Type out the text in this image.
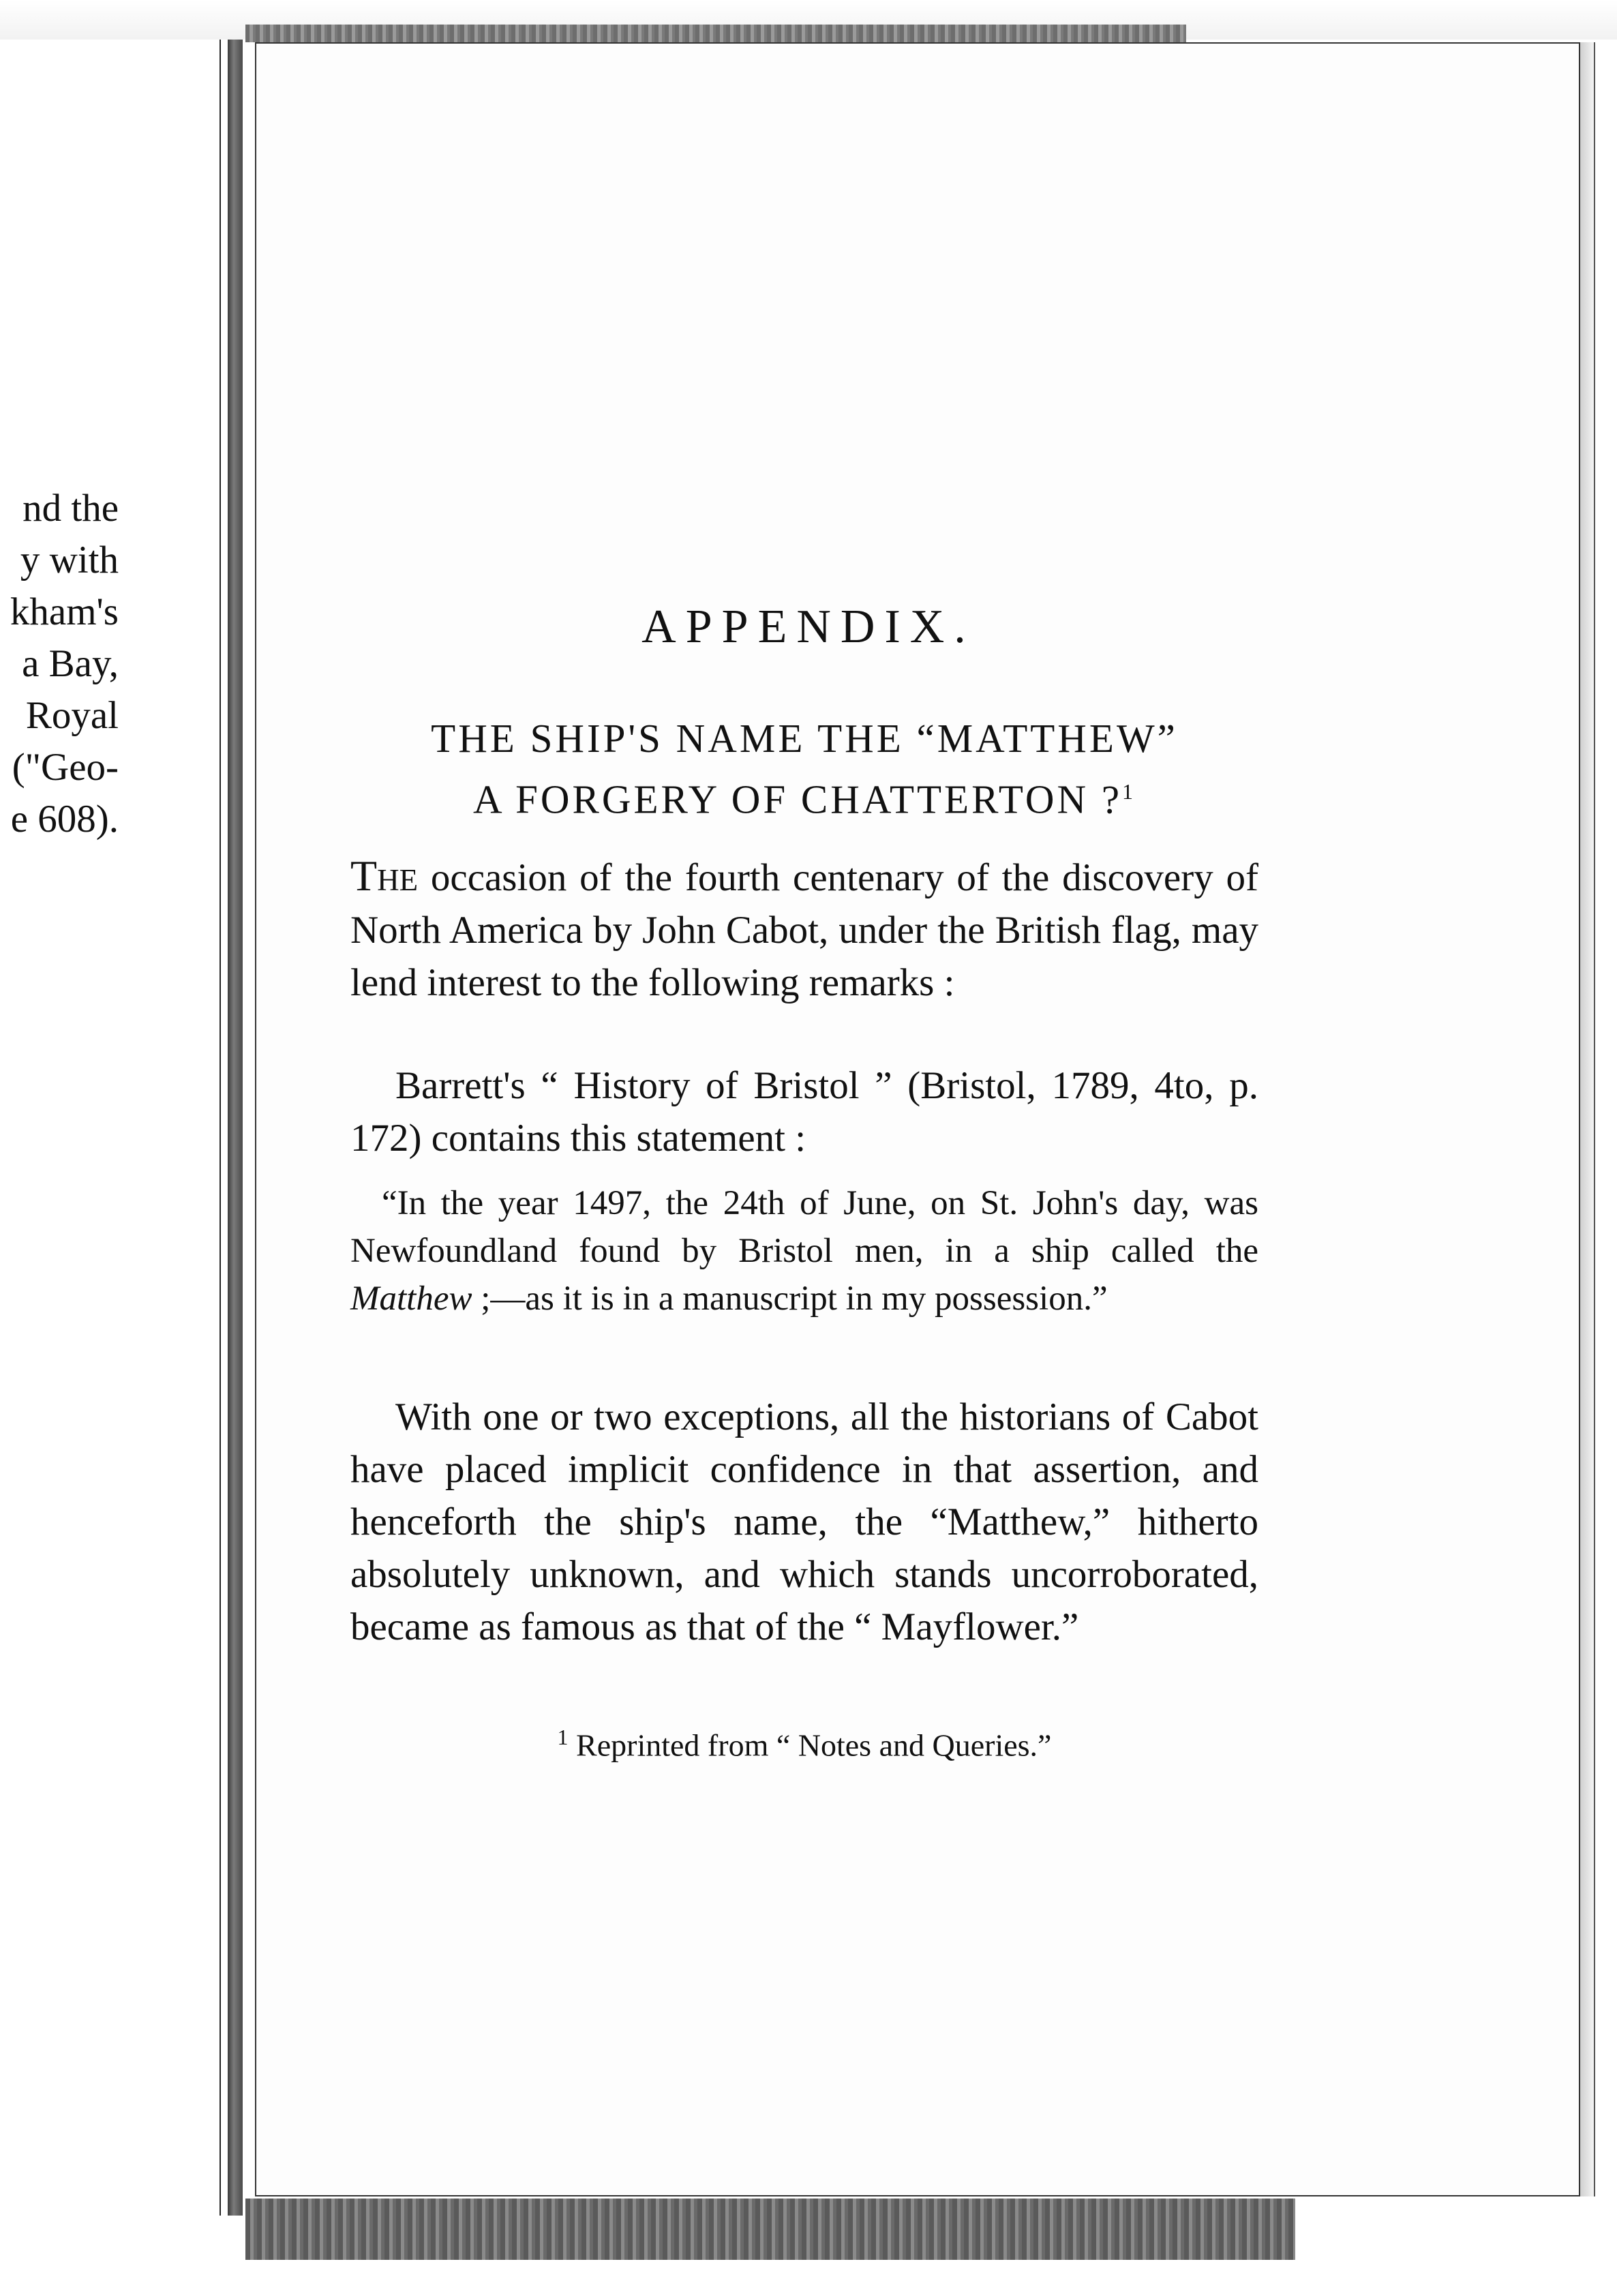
nd the
y with
kham's
a Bay,
Royal
("Geo-
e 608).
APPENDIX.
THE SHIP'S NAME THE “MATTHEW”
A FORGERY OF CHATTERTON ?$^1$

The occasion of the fourth centenary of the discovery of North America by John Cabot, under the British flag, may lend interest to the following remarks :

Barrett's “ History of Bristol ” (Bristol, 1789, 4to, p. 172) contains this statement :

“In the year 1497, the 24th of June, on St. John's day, was Newfoundland found by Bristol men, in a ship called the Matthew ;—as it is in a manuscript in my possession.”

With one or two exceptions, all the historians of Cabot have placed implicit confidence in that assertion, and henceforth the ship's name, the “Matthew,” hitherto absolutely unknown, and which stands uncorroborated, became as famous as that of the “ Mayflower.”

$^1$ Reprinted from “ Notes and Queries.”
